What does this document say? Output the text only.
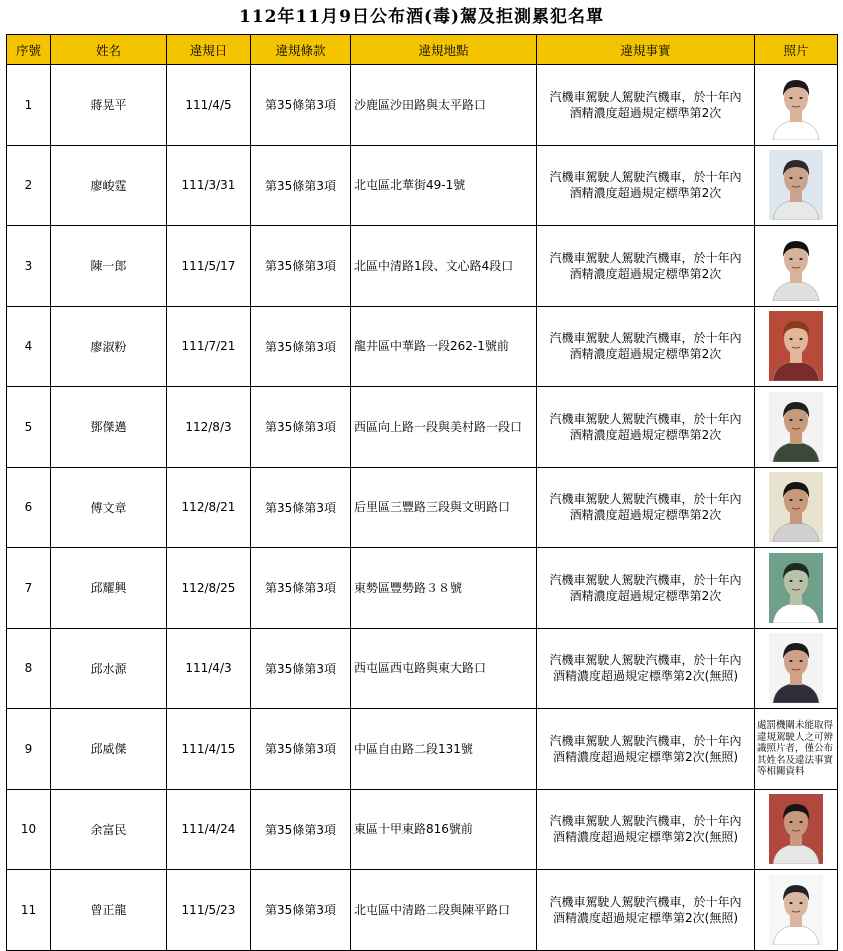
112年11月9日公布酒(毒)駕及拒測累犯名單
序號	姓名	違規日	違規條款	違規地點	違規事實	照片
1	蔣晃平	111/4/5	第35條第3項	沙鹿區沙田路與太平路口	汽機車駕駛人駕駛汽機車，於十年內
酒精濃度超過規定標準第2次

2	廖峻霆	111/3/31	第35條第3項	北屯區北華街49-1號	汽機車駕駛人駕駛汽機車，於十年內
酒精濃度超過規定標準第2次

3	陳一郎	111/5/17	第35條第3項	北區中清路1段、文心路4段口	汽機車駕駛人駕駛汽機車，於十年內
酒精濃度超過規定標準第2次

4	廖淑粉	111/7/21	第35條第3項	龍井區中華路一段262-1號前	汽機車駕駛人駕駛汽機車，於十年內
酒精濃度超過規定標準第2次

5	鄧傑邁	112/8/3	第35條第3項	西區向上路一段與美村路一段口	汽機車駕駛人駕駛汽機車，於十年內
酒精濃度超過規定標準第2次

6	傅文章	112/8/21	第35條第3項	后里區三豐路三段與文明路口	汽機車駕駛人駕駛汽機車，於十年內
酒精濃度超過規定標準第2次

7	邱耀興	112/8/25	第35條第3項	東勢區豐勢路３８號	汽機車駕駛人駕駛汽機車，於十年內
酒精濃度超過規定標準第2次

8	邱水源	111/4/3	第35條第3項	西屯區西屯路與東大路口	汽機車駕駛人駕駛汽機車，於十年內
酒精濃度超過規定標準第2次(無照)

9	邱威傑	111/4/15	第35條第3項	中區自由路二段131號	汽機車駕駛人駕駛汽機車，於十年內
酒精濃度超過規定標準第2次(無照)	處罰機關未能取得違規駕駛人之可辨識照片者，僅公布其姓名及違法事實等相關資料

10	余富民	111/4/24	第35條第3項	東區十甲東路816號前	汽機車駕駛人駕駛汽機車，於十年內
酒精濃度超過規定標準第2次(無照)

11	曾正龍	111/5/23	第35條第3項	北屯區中清路二段與陳平路口	汽機車駕駛人駕駛汽機車，於十年內
酒精濃度超過規定標準第2次(無照)
